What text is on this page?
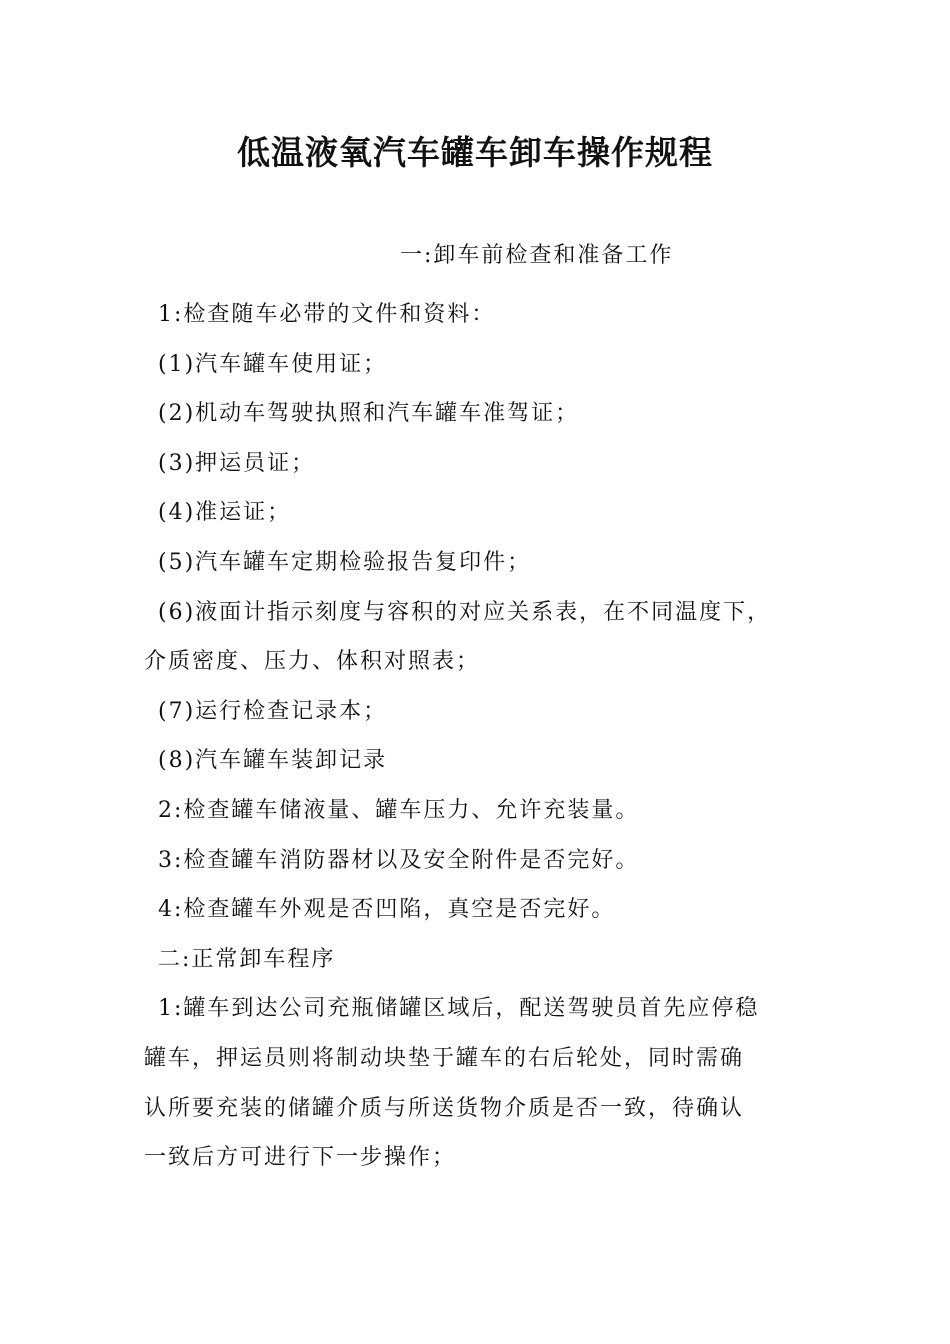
低温液氧汽车罐车卸车操作规程
一:卸车前检查和准备工作
1:检查随车必带的文件和资料：
(1)汽车罐车使用证；
(2)机动车驾驶执照和汽车罐车准驾证；
(3)押运员证；
(4)准运证；
(5)汽车罐车定期检验报告复印件；
(6)液面计指示刻度与容积的对应关系表，在不同温度下，
介质密度、压力、体积对照表；
(7)运行检查记录本；
(8)汽车罐车装卸记录
2:检查罐车储液量、罐车压力、允许充装量。
3:检查罐车消防器材以及安全附件是否完好。
4:检查罐车外观是否凹陷，真空是否完好。
二:正常卸车程序
1:罐车到达公司充瓶储罐区域后，配送驾驶员首先应停稳
罐车，押运员则将制动块垫于罐车的右后轮处，同时需确
认所要充装的储罐介质与所送货物介质是否一致，待确认
一致后方可进行下一步操作；
